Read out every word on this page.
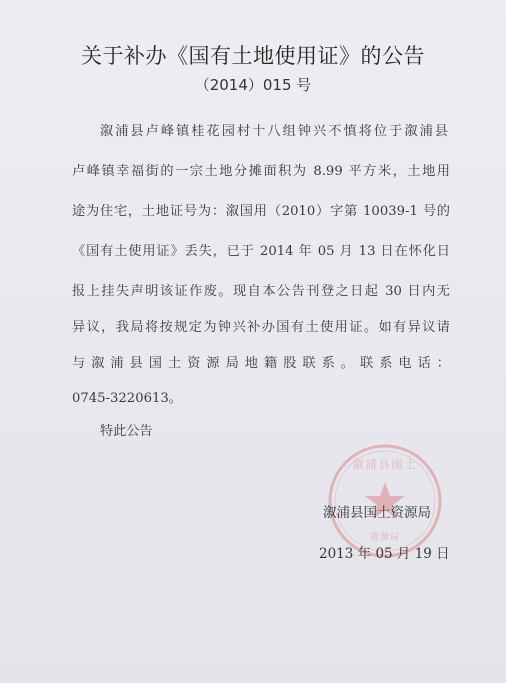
关于补办《国有土地使用证》的公告
（2014）015 号
溆浦县卢峰镇桂花园村十八组钟兴不慎将位于溆浦县
卢峰镇幸福街的一宗土地分摊面积为 8.99 平方米，土地用
途为住宅，土地证号为：溆国用（2010）字第 10039-1 号的
《国有土使用证》丢失，已于 2014 年 05 月 13 日在怀化日
报上挂失声明该证作废。现自本公告刊登之日起 30 日内无
异议，我局将按规定为钟兴补办国有土使用证。如有异议请
与溆浦县国土资源局地籍股联系。联系电话：
0745-3220613。
特此公告
溆浦县国土
资源局
溆浦县国土资源局
2013 年 05 月 19 日
